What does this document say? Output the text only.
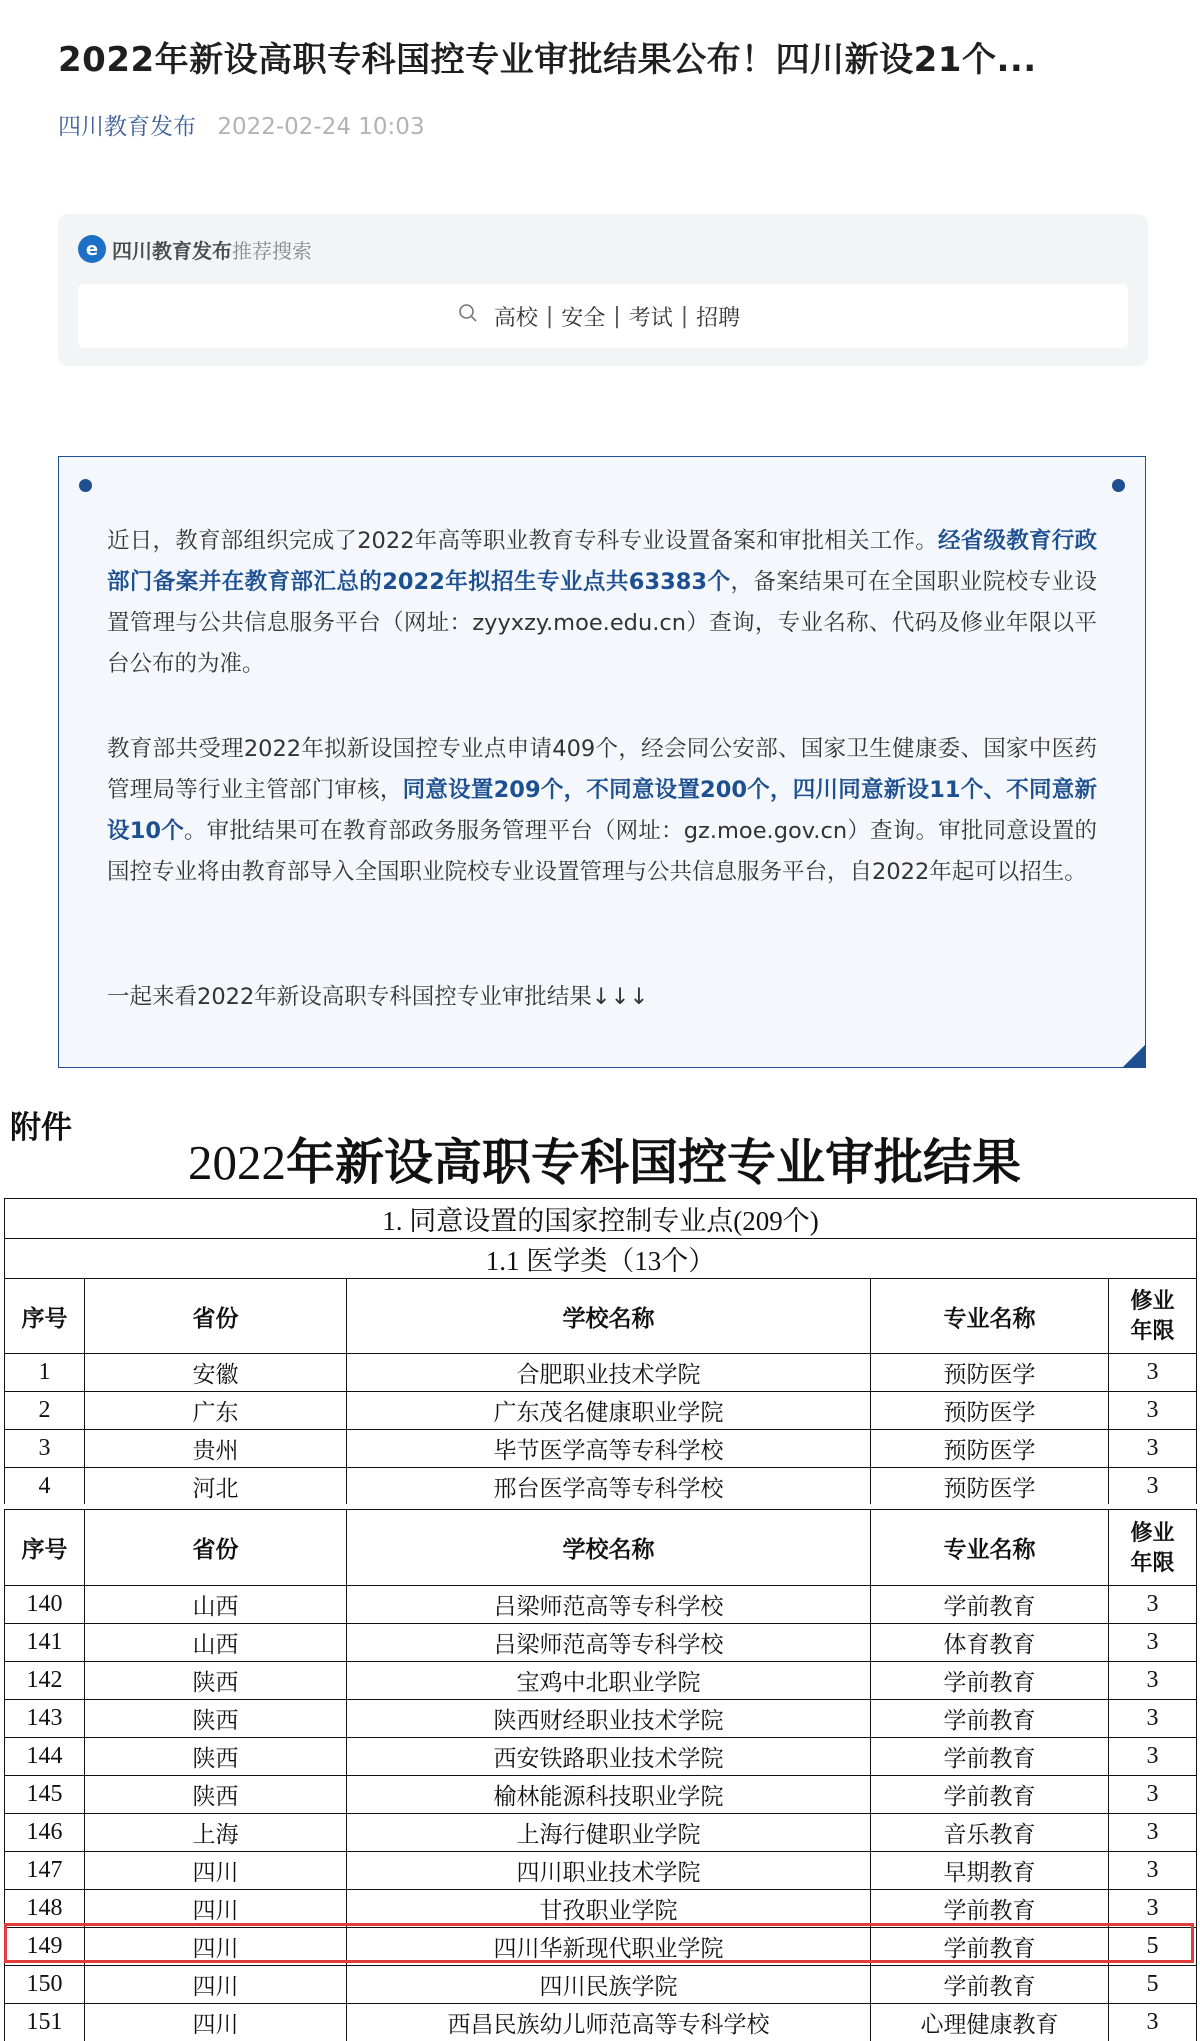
2022年新设高职专科国控专业审批结果公布！四川新设21个...
四川教育发布 2022-02-24 10:03
e 四川教育发布 推荐搜索
高校 | 安全 | 考试 | 招聘
近日，教育部组织完成了2022年高等职业教育专科专业设置备案和审批相关工作。经省级教育行政部门备案并在教育部汇总的2022年拟招生专业点共63383个，备案结果可在全国职业院校专业设置管理与公共信息服务平台（网址：zyyxzy.moe.edu.cn）查询，专业名称、代码及修业年限以平台公布的为准。
教育部共受理2022年拟新设国控专业点申请409个，经会同公安部、国家卫生健康委、国家中医药管理局等行业主管部门审核，同意设置209个，不同意设置200个，四川同意新设11个、不同意新设10个。审批结果可在教育部政务服务管理平台（网址：gz.moe.gov.cn）查询。审批同意设置的国控专业将由教育部导入全国职业院校专业设置管理与公共信息服务平台，自2022年起可以招生。
一起来看2022年新设高职专科国控专业审批结果↓↓↓
附件
2022年新设高职专科国控专业审批结果
1. 同意设置的国家控制专业点(209个)				
1.1 医学类（13个）				
序号	省份	学校名称	专业名称	修业
年限
1	安徽	合肥职业技术学院	预防医学	3
2	广东	广东茂名健康职业学院	预防医学	3
3	贵州	毕节医学高等专科学校	预防医学	3
4	河北	邢台医学高等专科学校	预防医学	3
序号	省份	学校名称	专业名称	修业
年限
140	山西	吕梁师范高等专科学校	学前教育	3
141	山西	吕梁师范高等专科学校	体育教育	3
142	陕西	宝鸡中北职业学院	学前教育	3
143	陕西	陕西财经职业技术学院	学前教育	3
144	陕西	西安铁路职业技术学院	学前教育	3
145	陕西	榆林能源科技职业学院	学前教育	3
146	上海	上海行健职业学院	音乐教育	3
147	四川	四川职业技术学院	早期教育	3
148	四川	甘孜职业学院	学前教育	3
149	四川	四川华新现代职业学院	学前教育	5
150	四川	四川民族学院	学前教育	5
151	四川	西昌民族幼儿师范高等专科学校	心理健康教育	3
